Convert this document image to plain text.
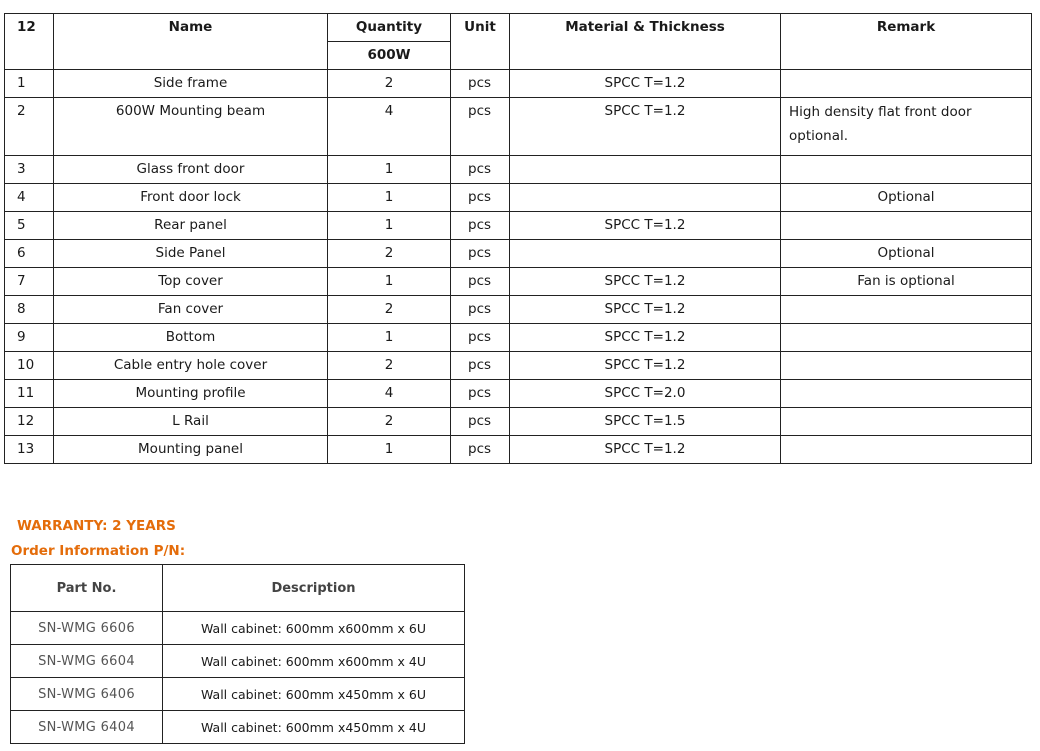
12	Name	Quantity	Unit	Material & Thickness	Remark
		600W			
1	Side frame	2	pcs	SPCC T=1.2	
2	600W Mounting beam	4	pcs	SPCC T=1.2	High density flat front door optional.
3	Glass front door	1	pcs		
4	Front door lock	1	pcs		Optional
5	Rear panel	1	pcs	SPCC T=1.2	
6	Side Panel	2	pcs		Optional
7	Top cover	1	pcs	SPCC T=1.2	Fan is optional
8	Fan cover	2	pcs	SPCC T=1.2	
9	Bottom	1	pcs	SPCC T=1.2	
10	Cable entry hole cover	2	pcs	SPCC T=1.2	
11	Mounting profile	4	pcs	SPCC T=2.0	
12	L Rail	2	pcs	SPCC T=1.5	
13	Mounting panel	1	pcs	SPCC T=1.2	
WARRANTY: 2 YEARS
Order Information P/N:
Part No.	Description
SN-WMG 6606	Wall cabinet: 600mm x600mm x 6U
SN-WMG 6604	Wall cabinet: 600mm x600mm x 4U
SN-WMG 6406	Wall cabinet: 600mm x450mm x 6U
SN-WMG 6404	Wall cabinet: 600mm x450mm x 4U
